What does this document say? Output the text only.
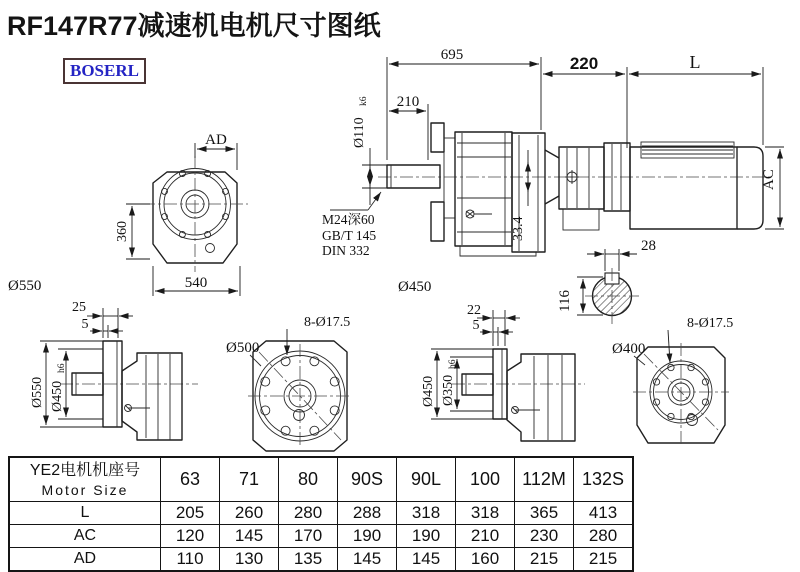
RF147R77减速机电机尺寸图纸
BOSERL
AD
360
540
Ø550
695
210
220	L
AC
Ø110
k6
33.4
M24深60
GB/T 145
DIN 332
Ø450
28
116
25
5
Ø550 Ø450
h6
Ø500
8-Ø17.5
22
5
Ø450 Ø350
h6
Ø400
8-Ø17.5
YE2电机机座号
Motor Size	63	71	80	90S	90L	100	112M	132S
L	205	260	280	288	318	318	365	413
AC	120	145	170	190	190	210	230	280
AD	110	130	135	145	145	160	215	215
